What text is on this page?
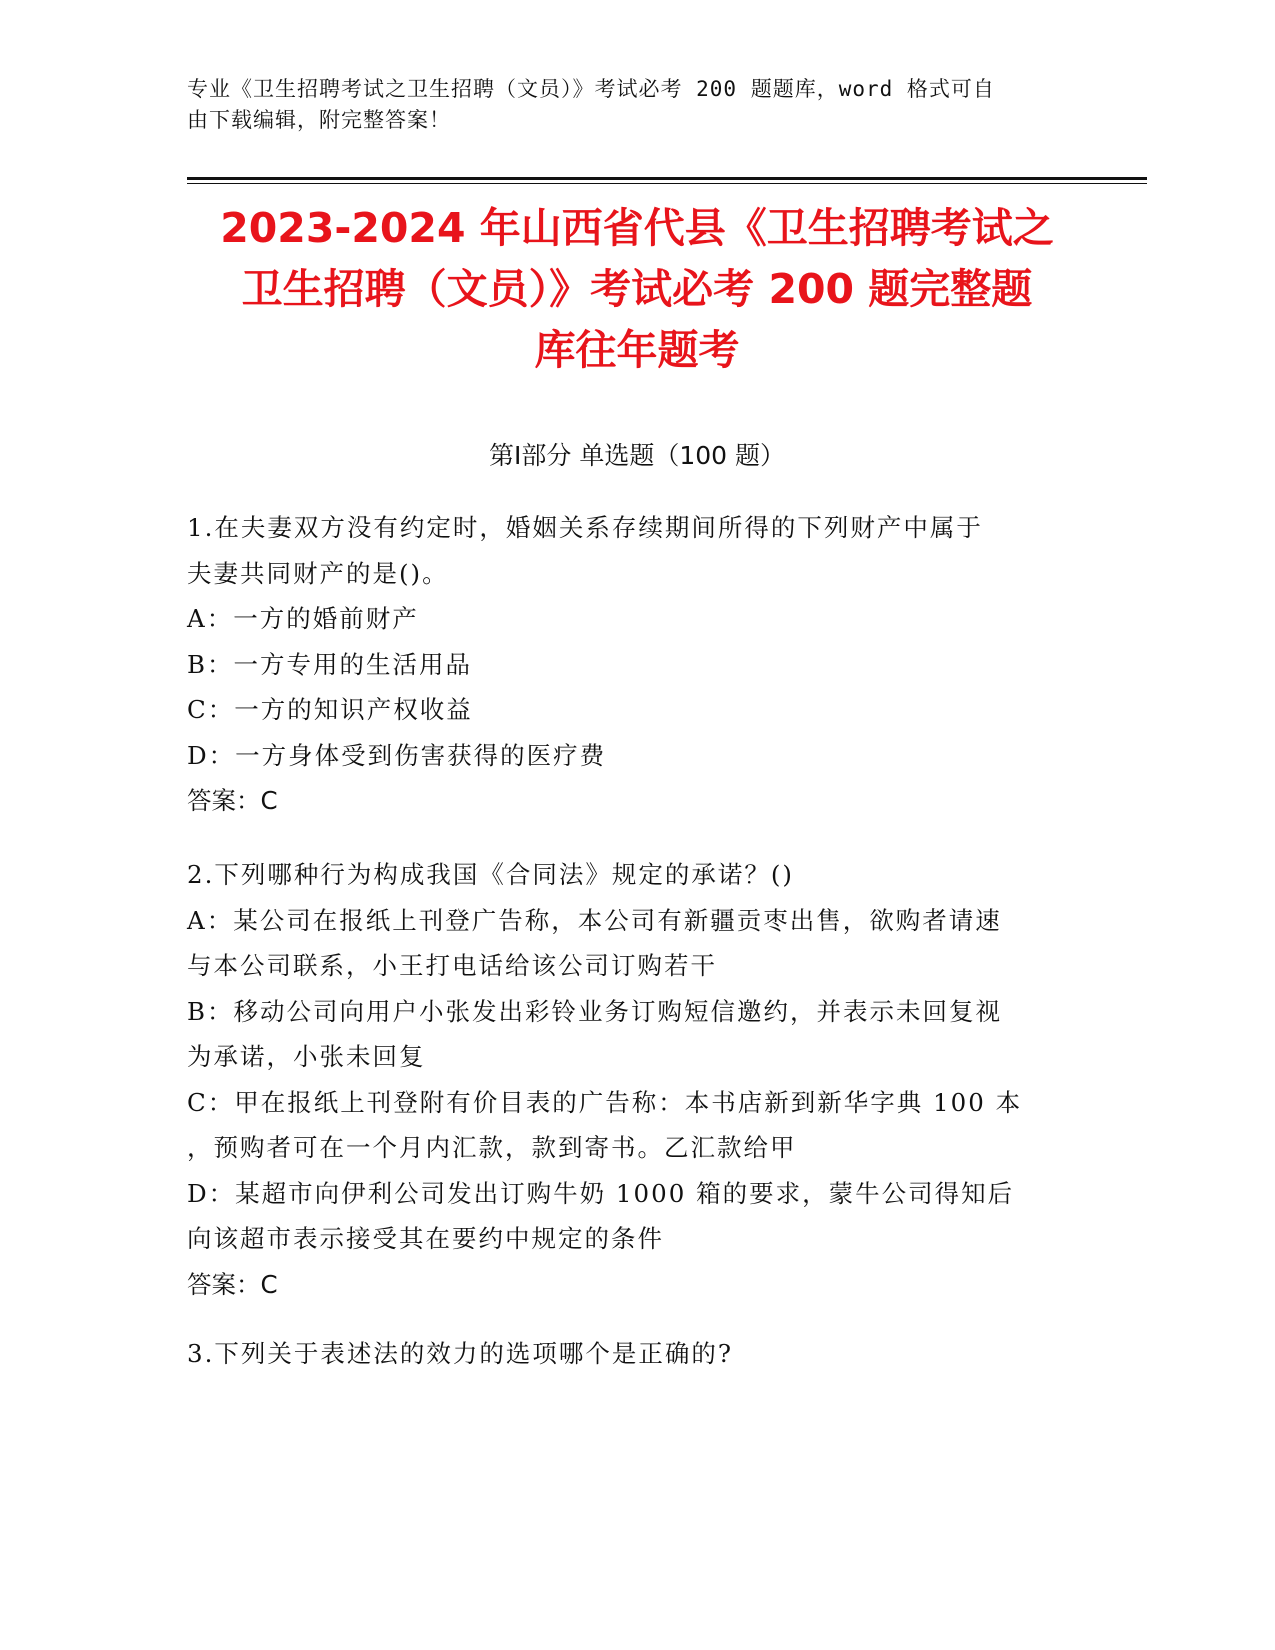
专业《卫生招聘考试之卫生招聘（文员）》考试必考 200 题题库，word 格式可自
由下载编辑，附完整答案！
2023-2024 年山西省代县《卫生招聘考试之
卫生招聘（文员）》考试必考 200 题完整题
库往年题考
第Ⅰ部分 单选题（100 题）

1.在夫妻双方没有约定时，婚姻关系存续期间所得的下列财产中属于

夫妻共同财产的是()。

A：一方的婚前财产

B：一方专用的生活用品

C：一方的知识产权收益

D：一方身体受到伤害获得的医疗费

答案：C

2.下列哪种行为构成我国《合同法》规定的承诺？()

A：某公司在报纸上刊登广告称，本公司有新疆贡枣出售，欲购者请速

与本公司联系，小王打电话给该公司订购若干

B：移动公司向用户小张发出彩铃业务订购短信邀约，并表示未回复视

为承诺，小张未回复

C：甲在报纸上刊登附有价目表的广告称：本书店新到新华字典 100 本

，预购者可在一个月内汇款，款到寄书。乙汇款给甲

D：某超市向伊利公司发出订购牛奶 1000 箱的要求，蒙牛公司得知后

向该超市表示接受其在要约中规定的条件

答案：C

3.下列关于表述法的效力的选项哪个是正确的?
